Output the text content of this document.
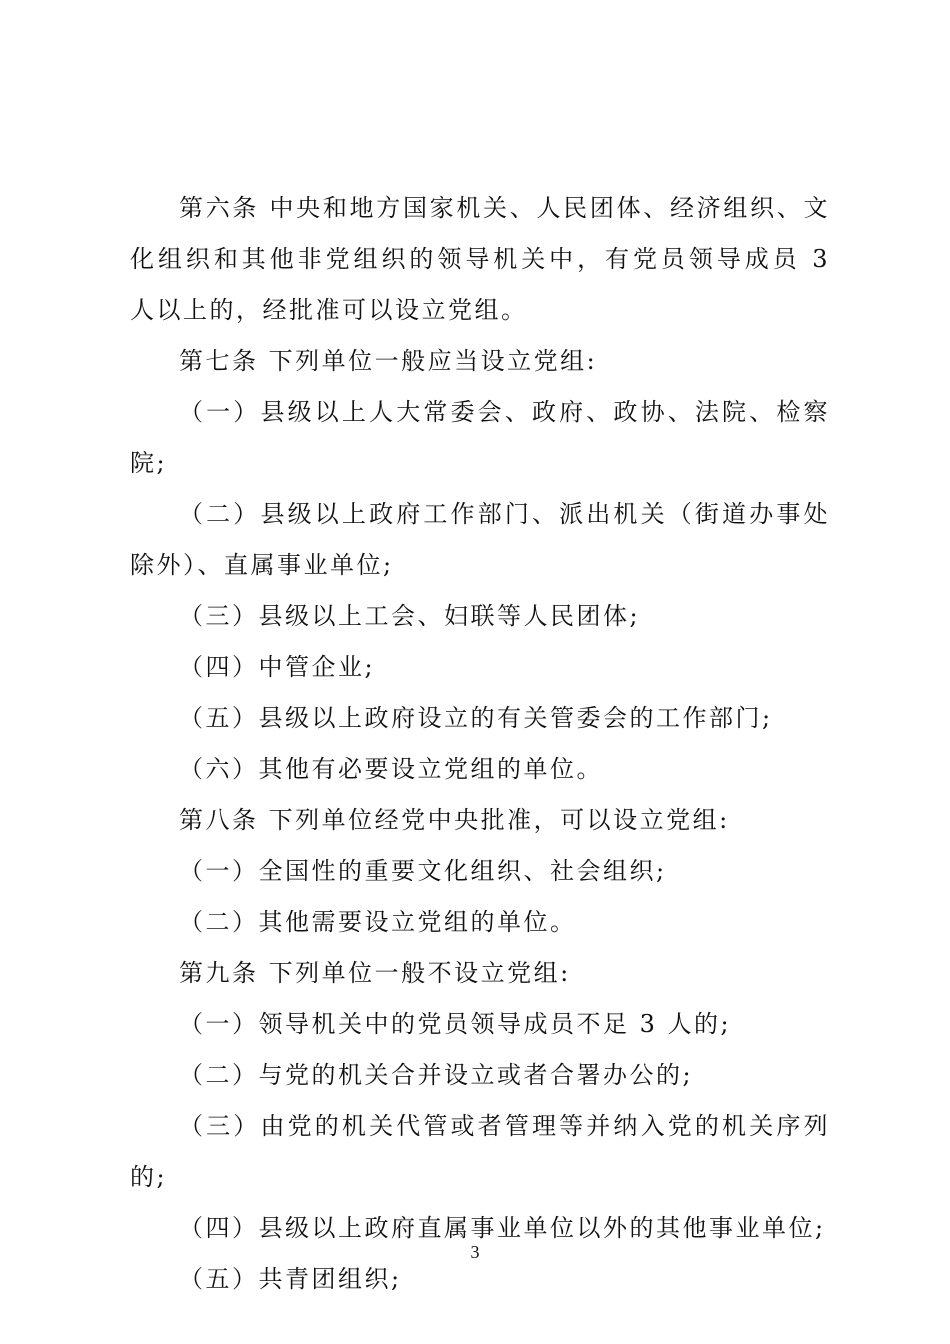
第六条 中央和地方国家机关、人民团体、经济组织、文化组织和其他非党组织的领导机关中，有党员领导成员 3 人以上的，经批准可以设立党组。

第七条 下列单位一般应当设立党组:

（一）县级以上人大常委会、政府、政协、法院、检察院;

（二）县级以上政府工作部门、派出机关（街道办事处除外）、直属事业单位;

（三）县级以上工会、妇联等人民团体;

（四）中管企业;

（五）县级以上政府设立的有关管委会的工作部门;

（六）其他有必要设立党组的单位。

第八条 下列单位经党中央批准，可以设立党组:

（一）全国性的重要文化组织、社会组织;

（二）其他需要设立党组的单位。

第九条 下列单位一般不设立党组:

（一）领导机关中的党员领导成员不足 3 人的;

（二）与党的机关合并设立或者合署办公的;

（三）由党的机关代管或者管理等并纳入党的机关序列的;

（四）县级以上政府直属事业单位以外的其他事业单位;

（五）共青团组织;

3
